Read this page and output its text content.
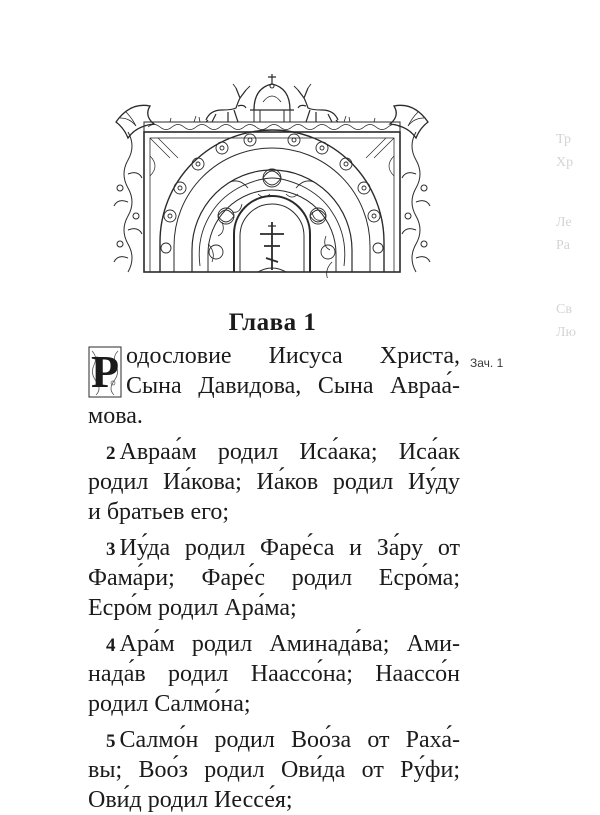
Тр
Хр
Ле
Ра
Св
Лю
Глава 1
Зач. 1
Р одословие Иисуса Христа,
Сына Давидова, Сына Авраа́-
мова.
2 Авраа́м родил Иса́ака; Иса́ак
родил Иа́кова; Иа́ков родил Иу́ду
и братьев его;
3 Иу́да родил Фаре́са и За́ру от
Фама́ри; Фаре́с родил Еcро́ма;
Еcро́м родил Ара́ма;
4 Ара́м родил Аминада́ва; Ами-
нада́в родил Наассо́на; Наассо́н
родил Салмо́на;
5 Салмо́н родил Воо́за от Раха́-
вы; Воо́з родил Ови́да от Ру́фи;
Ови́д родил Иессе́я;
